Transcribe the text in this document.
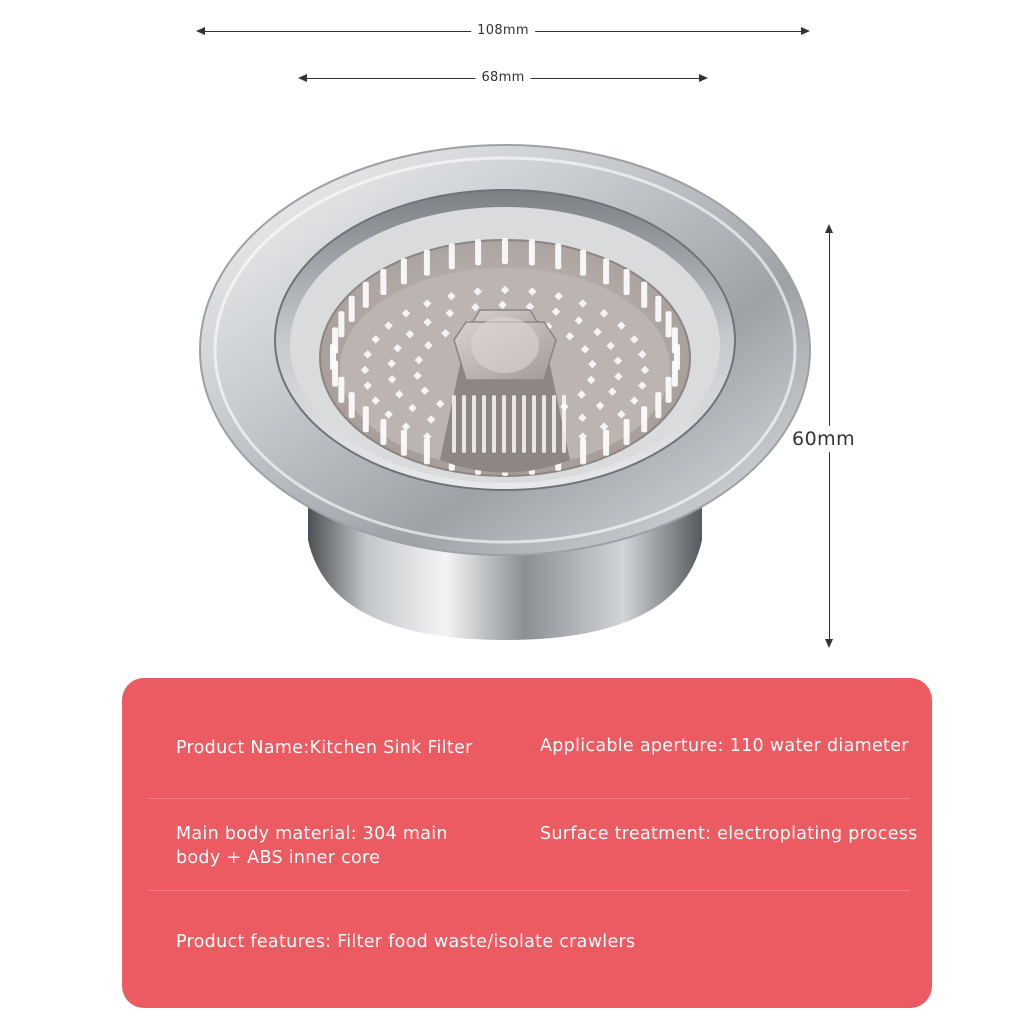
108mm
68mm
60mm
Product Name:Kitchen Sink Filter	Applicable aperture: 110 water diameter
Main body material: 304 main
body + ABS inner core
Surface treatment: electroplating process
Product features: Filter food waste/isolate crawlers
